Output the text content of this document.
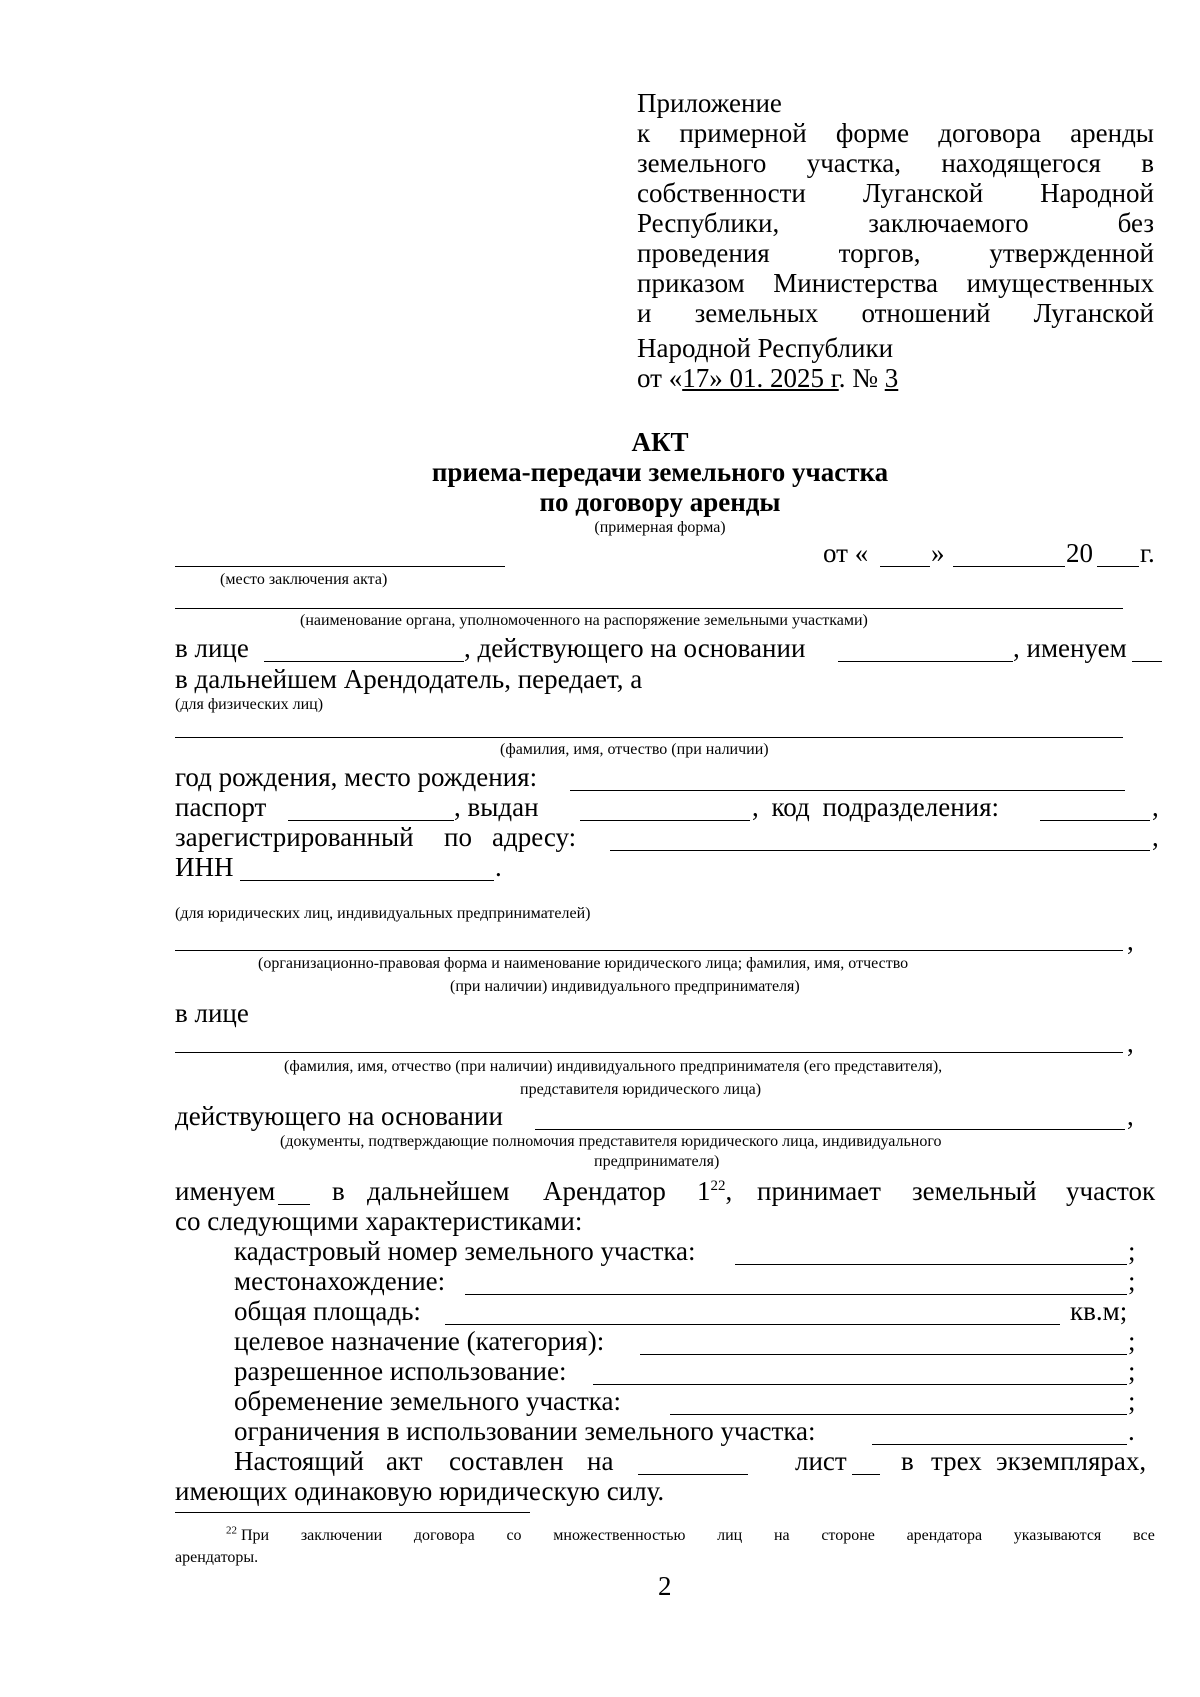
Приложение
к примерной форме договора аренды
земельного участка, находящегося в
собственности Луганской Народной
Республики,	заключаемого	без
проведения	торгов,	утвержденной
приказом Министерства имущественных
и земельных отношений Луганской
Народной Республики
от «17» 01. 2025 г. № 3
АКТ
приема-передачи земельного участка
по договору аренды
(примерная форма)
(место заключения акта)
от « »	20 г.
(наименование органа, уполномоченного на распоряжение земельными участками)
в лице	, действующего на основании	, именуем
в дальнейшем Арендодатель, передает, а
(для физических лиц)
(фамилия, имя, отчество (при наличии)
год рождения, место рождения:
паспорт	, выдан	, код подразделения:	,
зарегистрированный по адресу:	,
ИНН	.
(для юридических лиц, индивидуальных предпринимателей)
,
(организационно-правовая форма и наименование юридического лица; фамилия, имя, отчество
(при наличии) индивидуального предпринимателя)
в лице
,
(фамилия, имя, отчество (при наличии) индивидуального предпринимателя (его представителя),
представителя юридического лица)
действующего на основании	,
(документы, подтверждающие полномочия представителя юридического лица, индивидуального
предпринимателя)
именуем в дальнейшем Арендатор $1^{22}$, принимает земельный участок
со следующими характеристиками:
кадастровый номер земельного участка:	;
местонахождение:	;
общая площадь:	кв.м;
целевое назначение (категория):	;
разрешенное использование:	;
обременение земельного участка:	;
ограничения в использовании земельного участка:	.
Настоящий акт составлен на	лист в трех экземплярах,
имеющих одинаковую юридическую силу.
$^{22}$ При заключении договора со множественностью лиц на стороне арендатора указываются все
арендаторы.
2
